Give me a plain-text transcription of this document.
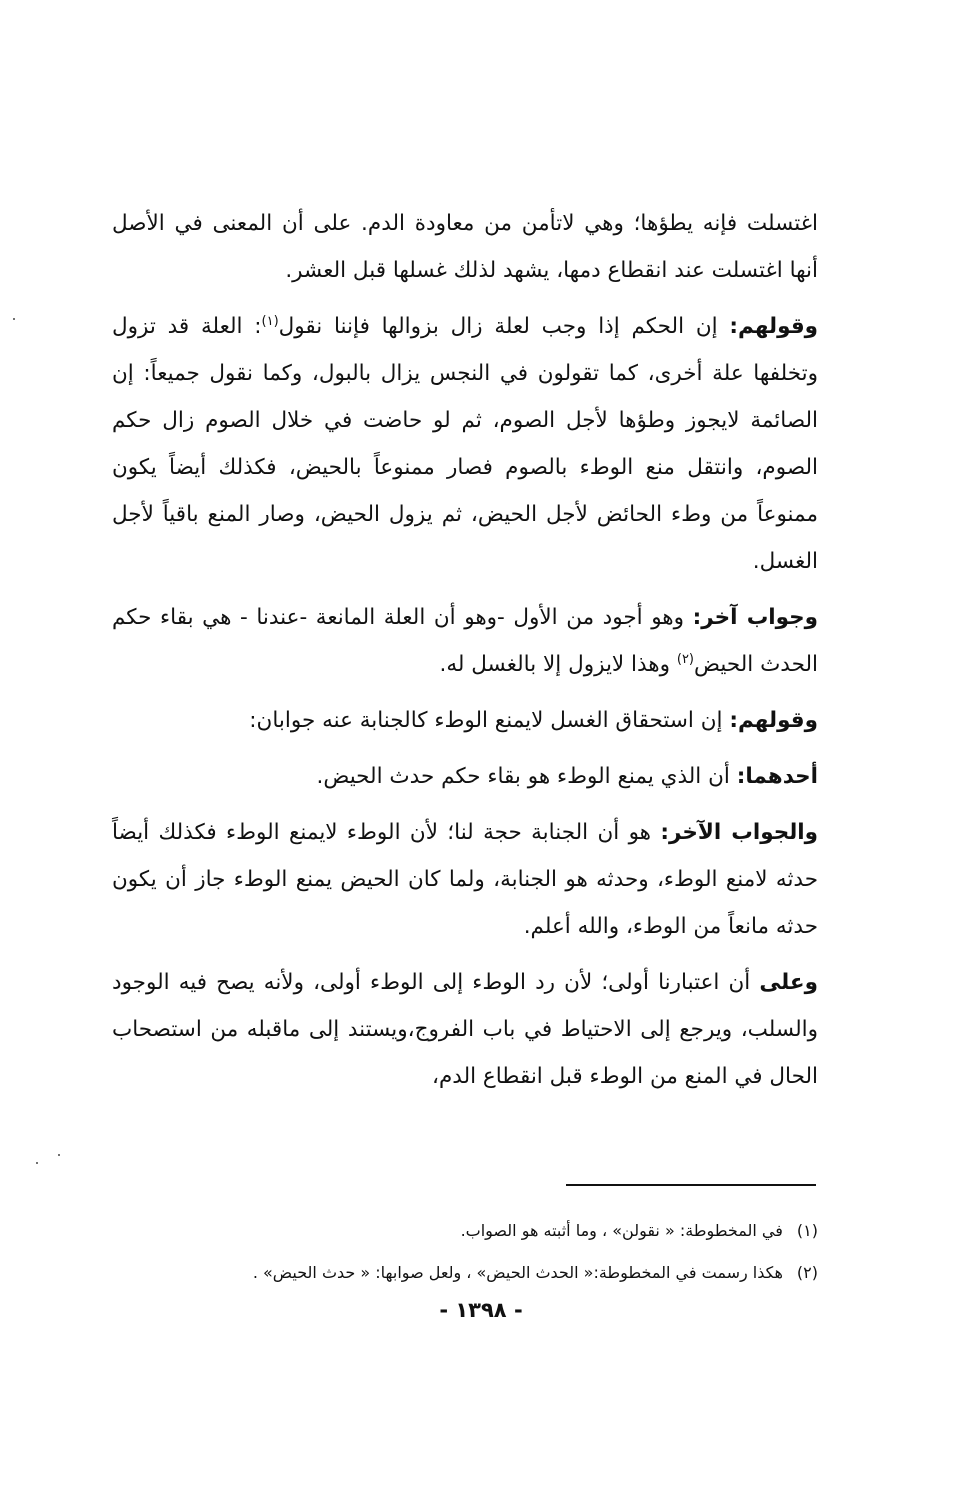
اغتسلت فإنه يطؤها؛ وهي لاتأمن من معاودة الدم. على أن المعنى في الأصل أنها اغتسلت عند انقطاع دمها، يشهد لذلك غسلها قبل العشر.

وقولهم: إن الحكم إذا وجب لعلة زال بزوالها فإننا نقول$^{(١)}$: العلة قد تزول وتخلفها علة أخرى، كما تقولون في النجس يزال بالبول، وكما نقول جميعاً: إن الصائمة لايجوز وطؤها لأجل الصوم، ثم لو حاضت في خلال الصوم زال حكم الصوم، وانتقل منع الوطء بالصوم فصار ممنوعاً بالحيض، فكذلك أيضاً يكون ممنوعاً من وطء الحائض لأجل الحيض، ثم يزول الحيض، وصار المنع باقياً لأجل الغسل.

وجواب آخر: وهو أجود من الأول -وهو أن العلة المانعة -عندنا - هي بقاء حكم الحدث الحيض$^{(٢)}$ وهذا لايزول إلا بالغسل له.

وقولهم: إن استحقاق الغسل لايمنع الوطء كالجنابة عنه جوابان:

أحدهما: أن الذي يمنع الوطء هو بقاء حكم حدث الحيض.

والجواب الآخر: هو أن الجنابة حجة لنا؛ لأن الوطء لايمنع الوطء فكذلك أيضاً حدثه لامنع الوطء، وحدثه هو الجنابة، ولما كان الحيض يمنع الوطء جاز أن يكون حدثه مانعاً من الوطء، والله أعلم.

وعلى أن اعتبارنا أولى؛ لأن رد الوطء إلى الوطء أولى، ولأنه يصح فيه الوجود والسلب، ويرجع إلى الاحتياط في باب الفروج،ويستند إلى ماقبله من استصحاب الحال في المنع من الوطء قبل انقطاع الدم،

(١)في المخطوطة: « نقولن» ، وما أثبته هو الصواب.

(٢)هكذا رسمت في المخطوطة:« الحدث الحيض» ، ولعل صوابها: « حدث الحيض» .

- ١٣٩٨ -
